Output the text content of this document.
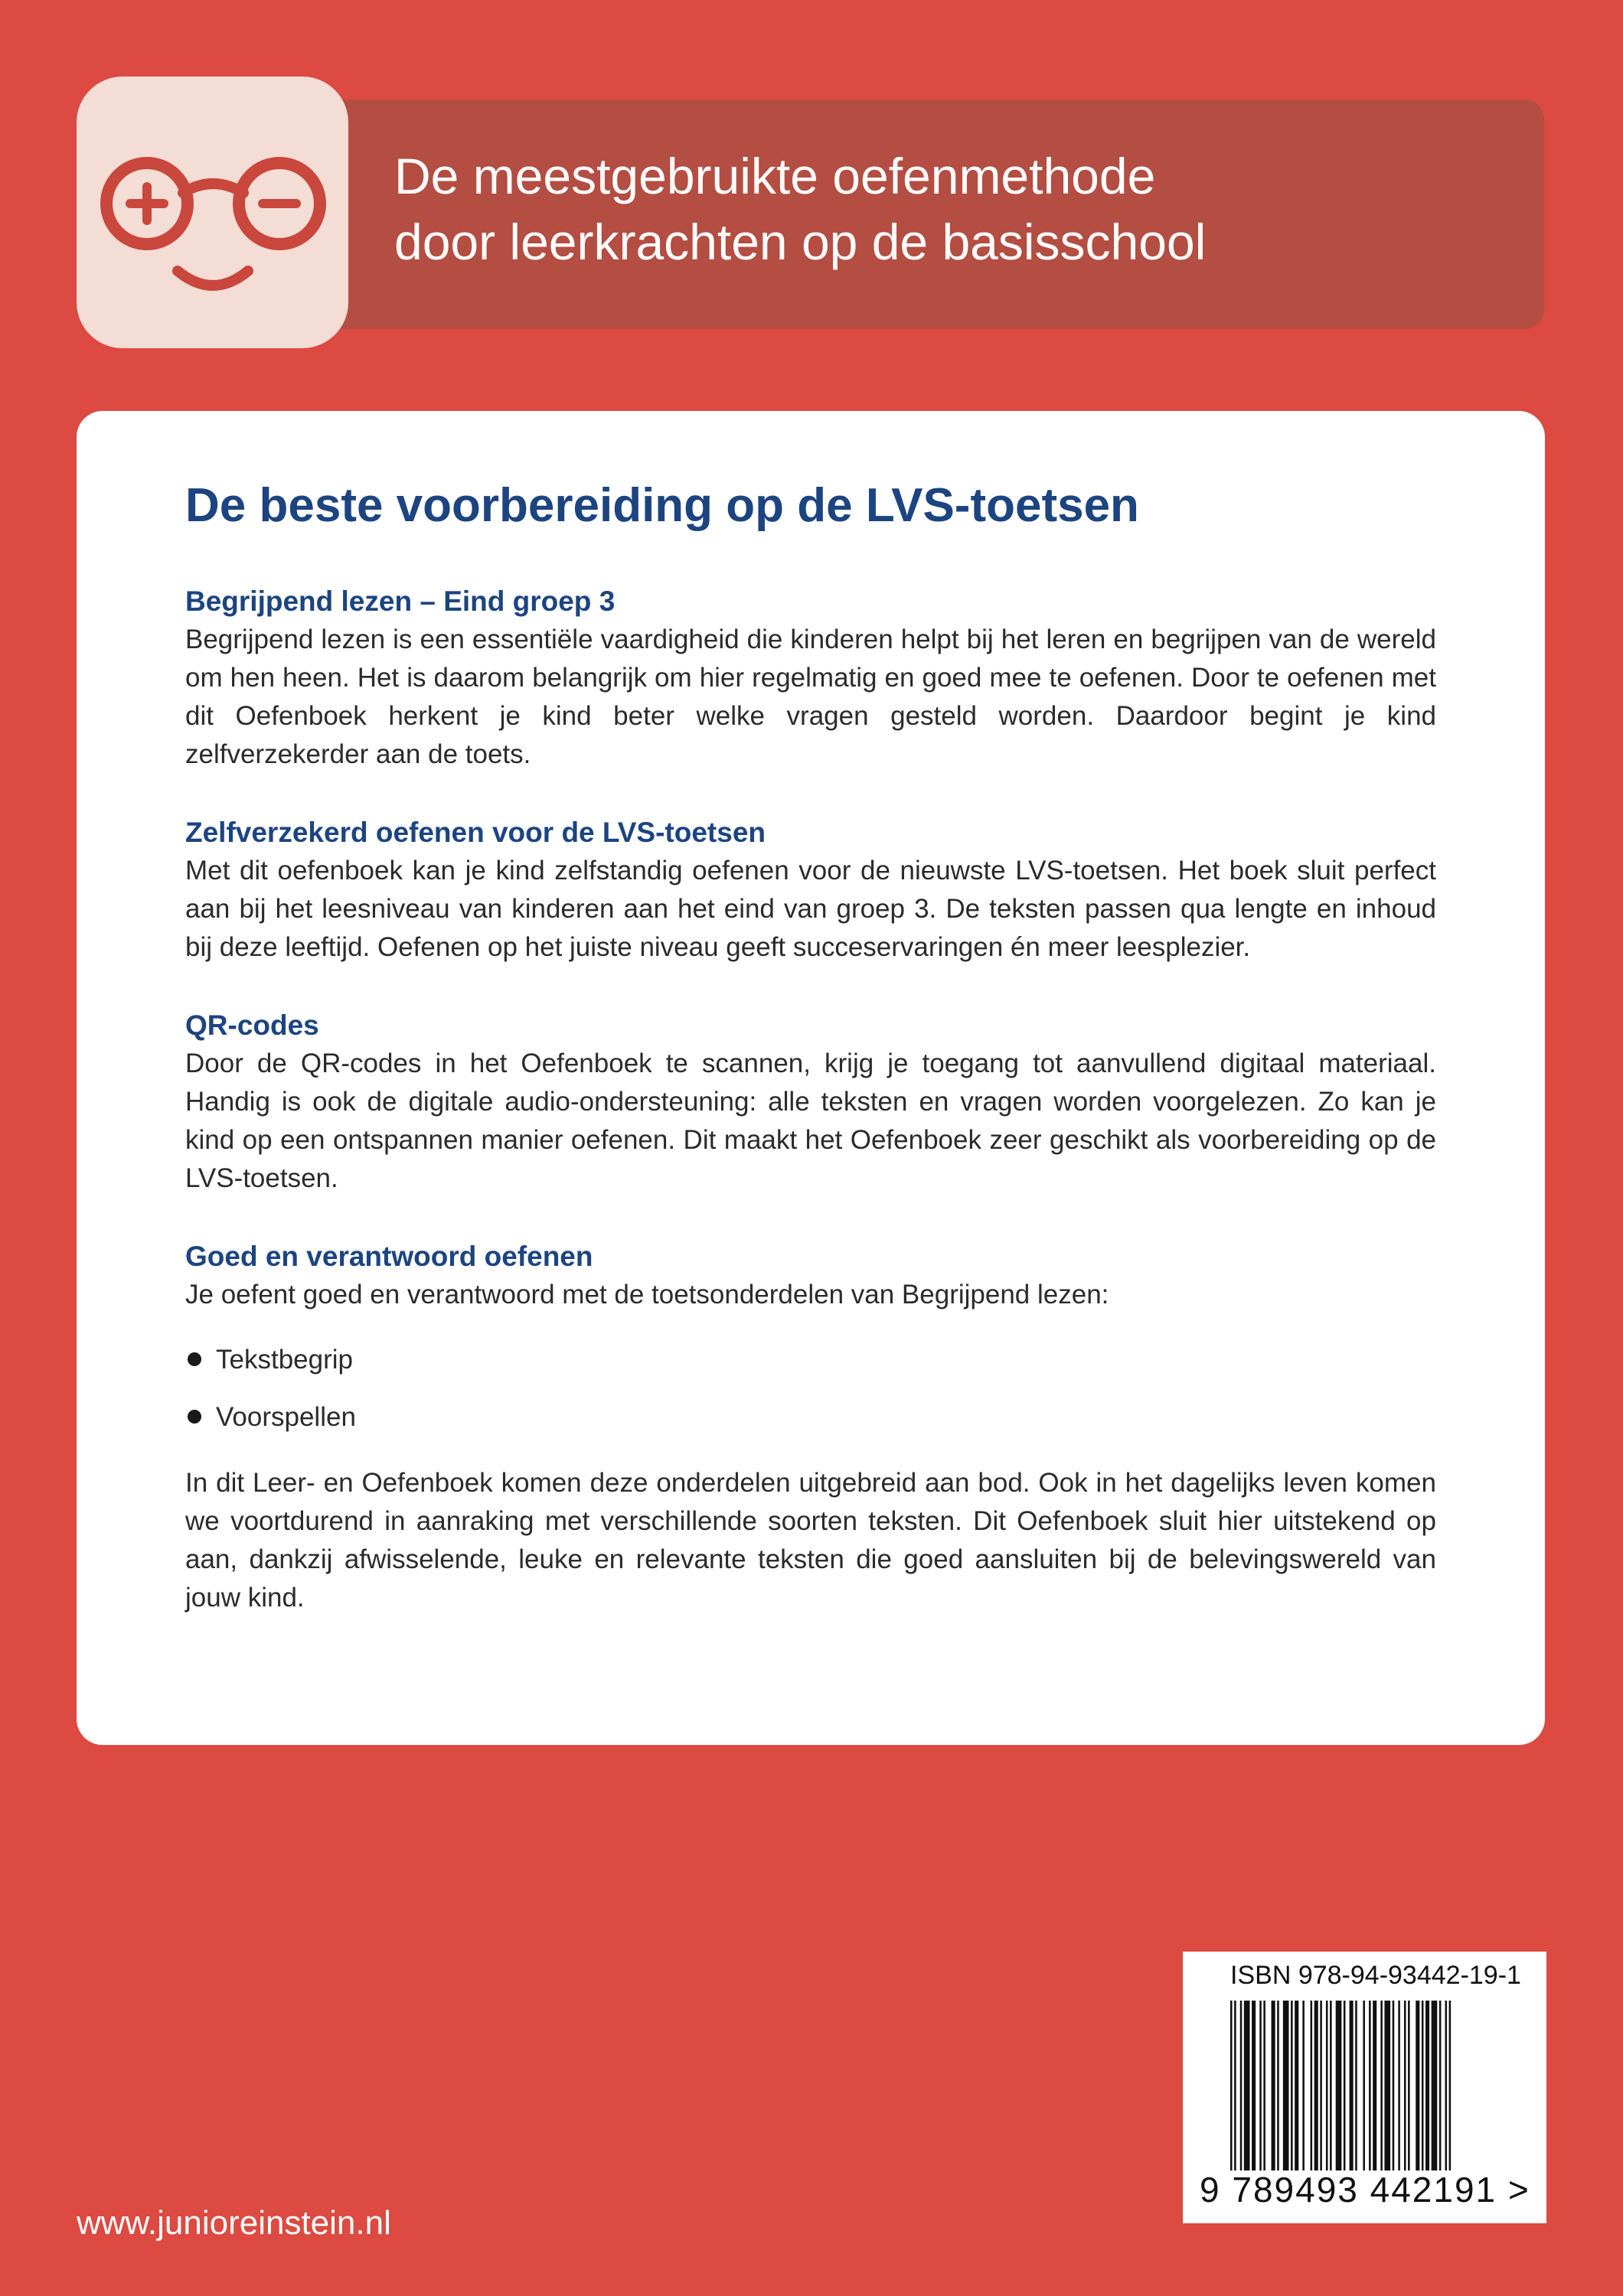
De meestgebruikte oefenmethode
door leerkrachten op de basisschool
De beste voorbereiding op de LVS-toetsen
Begrijpend lezen – Eind groep 3

Begrijpend lezen is een essentiële vaardigheid die kinderen helpt bij het leren en begrijpen van de wereld om hen heen. Het is daarom belangrijk om hier regelmatig en goed mee te oefenen. Door te oefenen met dit Oefenboek herkent je kind beter welke vragen gesteld worden. Daardoor begint je kind zelfverzekerder aan de toets.

Zelfverzekerd oefenen voor de LVS-toetsen

Met dit oefenboek kan je kind zelfstandig oefenen voor de nieuwste LVS-toetsen. Het boek sluit perfect aan bij het leesniveau van kinderen aan het eind van groep 3. De teksten passen qua lengte en inhoud bij deze leeftijd. Oefenen op het juiste niveau geeft succeservaringen én meer leesplezier.

QR-codes

Door de QR-codes in het Oefenboek te scannen, krijg je toegang tot aanvullend digitaal materiaal. Handig is ook de digitale audio-ondersteuning: alle teksten en vragen worden voorgelezen. Zo kan je kind op een ontspannen manier oefenen. Dit maakt het Oefenboek zeer geschikt als voorbereiding op de LVS-toetsen.

Goed en verantwoord oefenen

Je oefent goed en verantwoord met de toetsonderdelen van Begrijpend lezen:

Tekstbegrip
Voorspellen

In dit Leer- en Oefenboek komen deze onderdelen uitgebreid aan bod. Ook in het dagelijks leven komen we voortdurend in aanraking met verschillende soorten teksten. Dit Oefenboek sluit hier uitstekend op aan, dankzij afwisselende, leuke en relevante teksten die goed aansluiten bij de belevingswereld van jouw kind.

ISBN 978-94-93442-19-1
9 789493 442191 >
www.junioreinstein.nl
